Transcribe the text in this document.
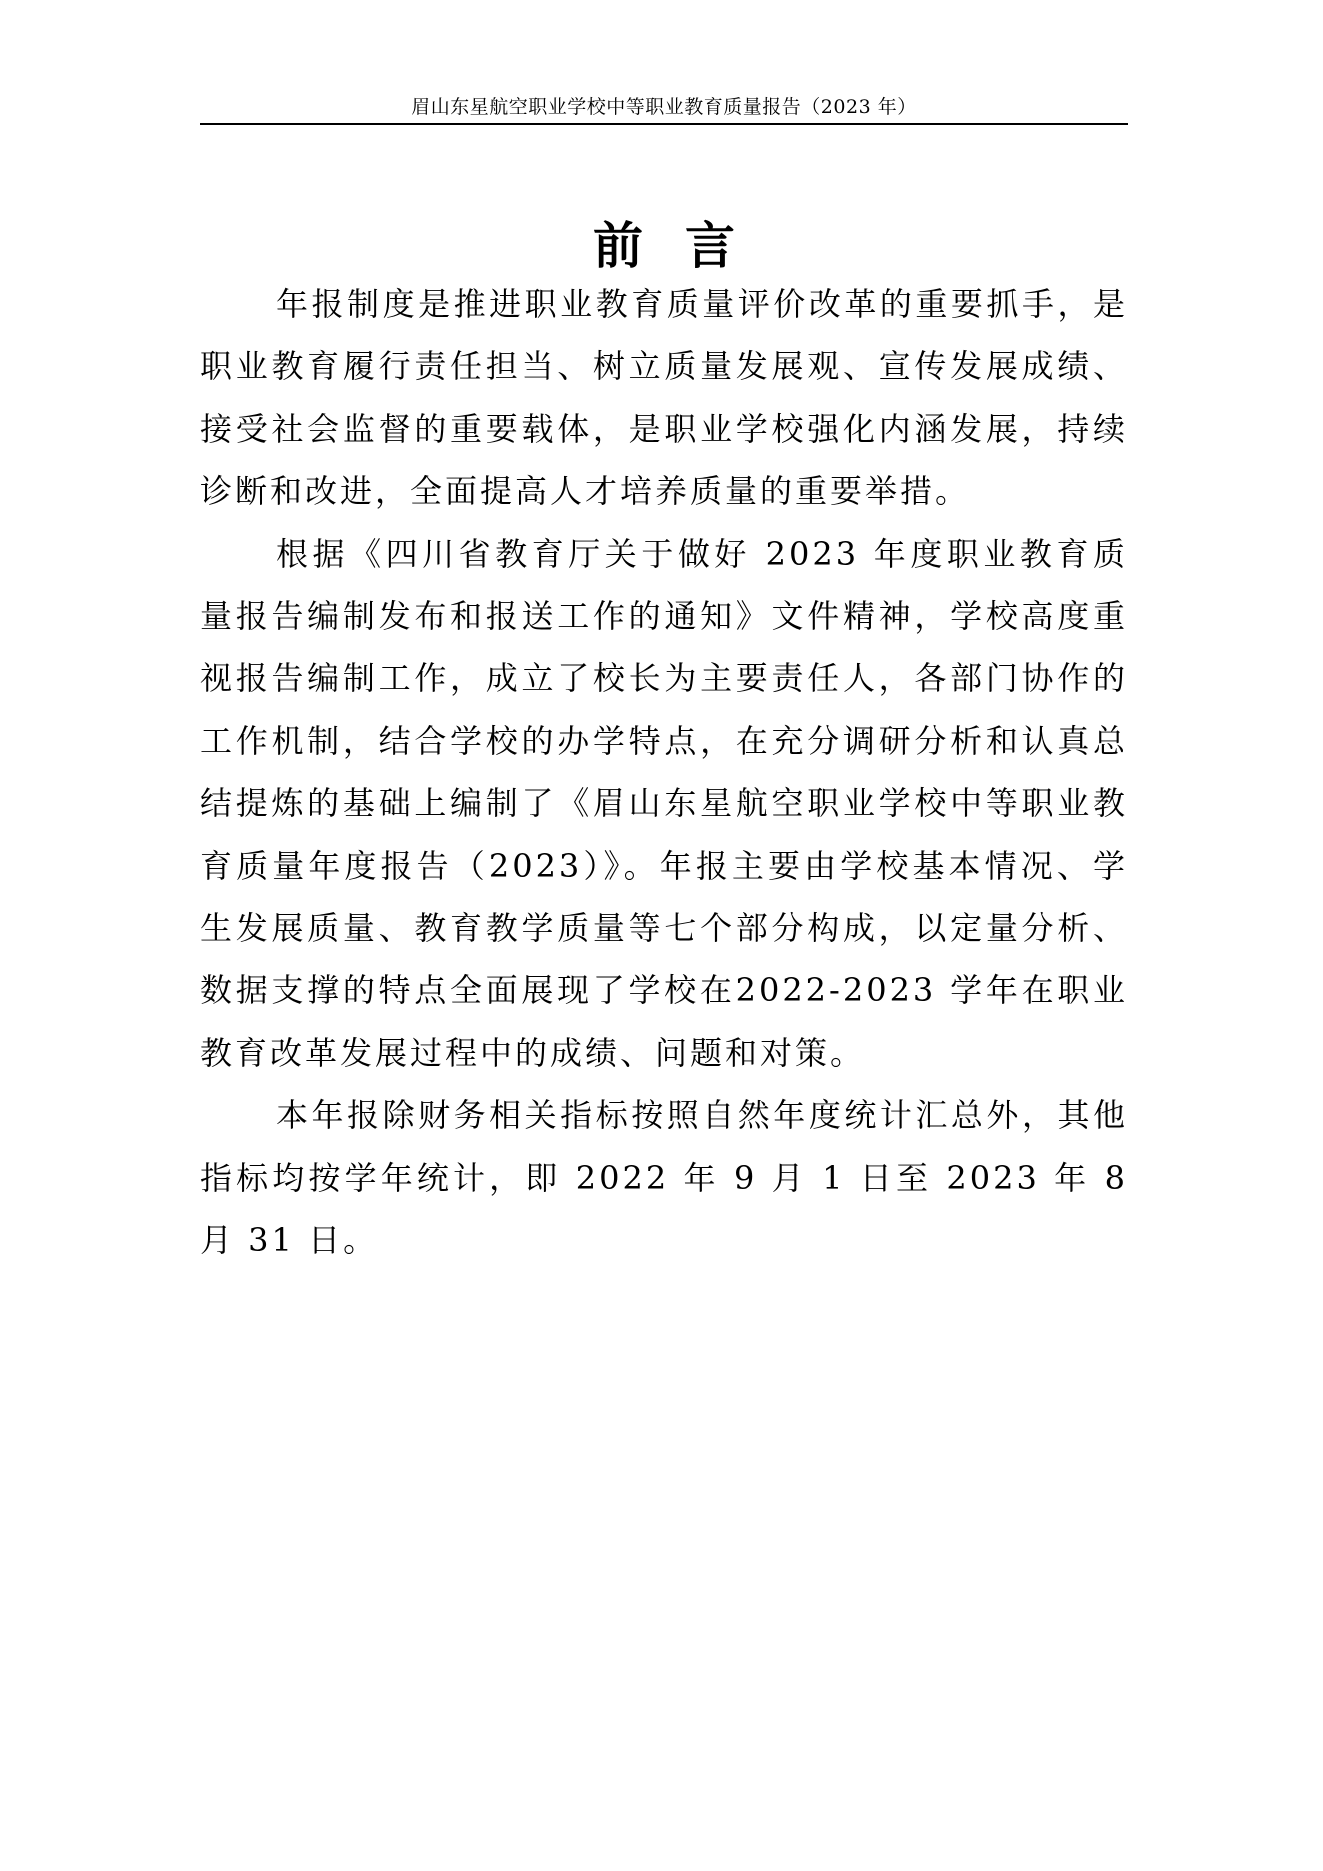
眉山东星航空职业学校中等职业教育质量报告（2023 年）
前言

年报制度是推进职业教育质量评价改革的重要抓手，是职业教育履行责任担当、树立质量发展观、宣传发展成绩、 接受社会监督的重要载体，是职业学校强化内涵发展，持续诊断和改进，全面提高人才培养质量的重要举措。

根据《四川省教育厅关于做好 2023 年度职业教育质量报告编制发布和报送工作的通知》文件精神，学校高度重视报告编制工作，成立了校长为主要责任人，各部门协作的工作机制，结合学校的办学特点，在充分调研分析和认真总结提炼的基础上编制了《眉山东星航空职业学校中等职业教育质量年度报告（2023）》。年报主要由学校基本情况、学生发展质量、教育教学质量等七个部分构成，以定量分析、数据支撑的特点全面展现了学校在2022-2023 学年在职业教育改革发展过程中的成绩、问题和对策。

本年报除财务相关指标按照自然年度统计汇总外，其他指标均按学年统计，即 2022 年 9 月 1 日至 2023 年 8 月 31 日。
